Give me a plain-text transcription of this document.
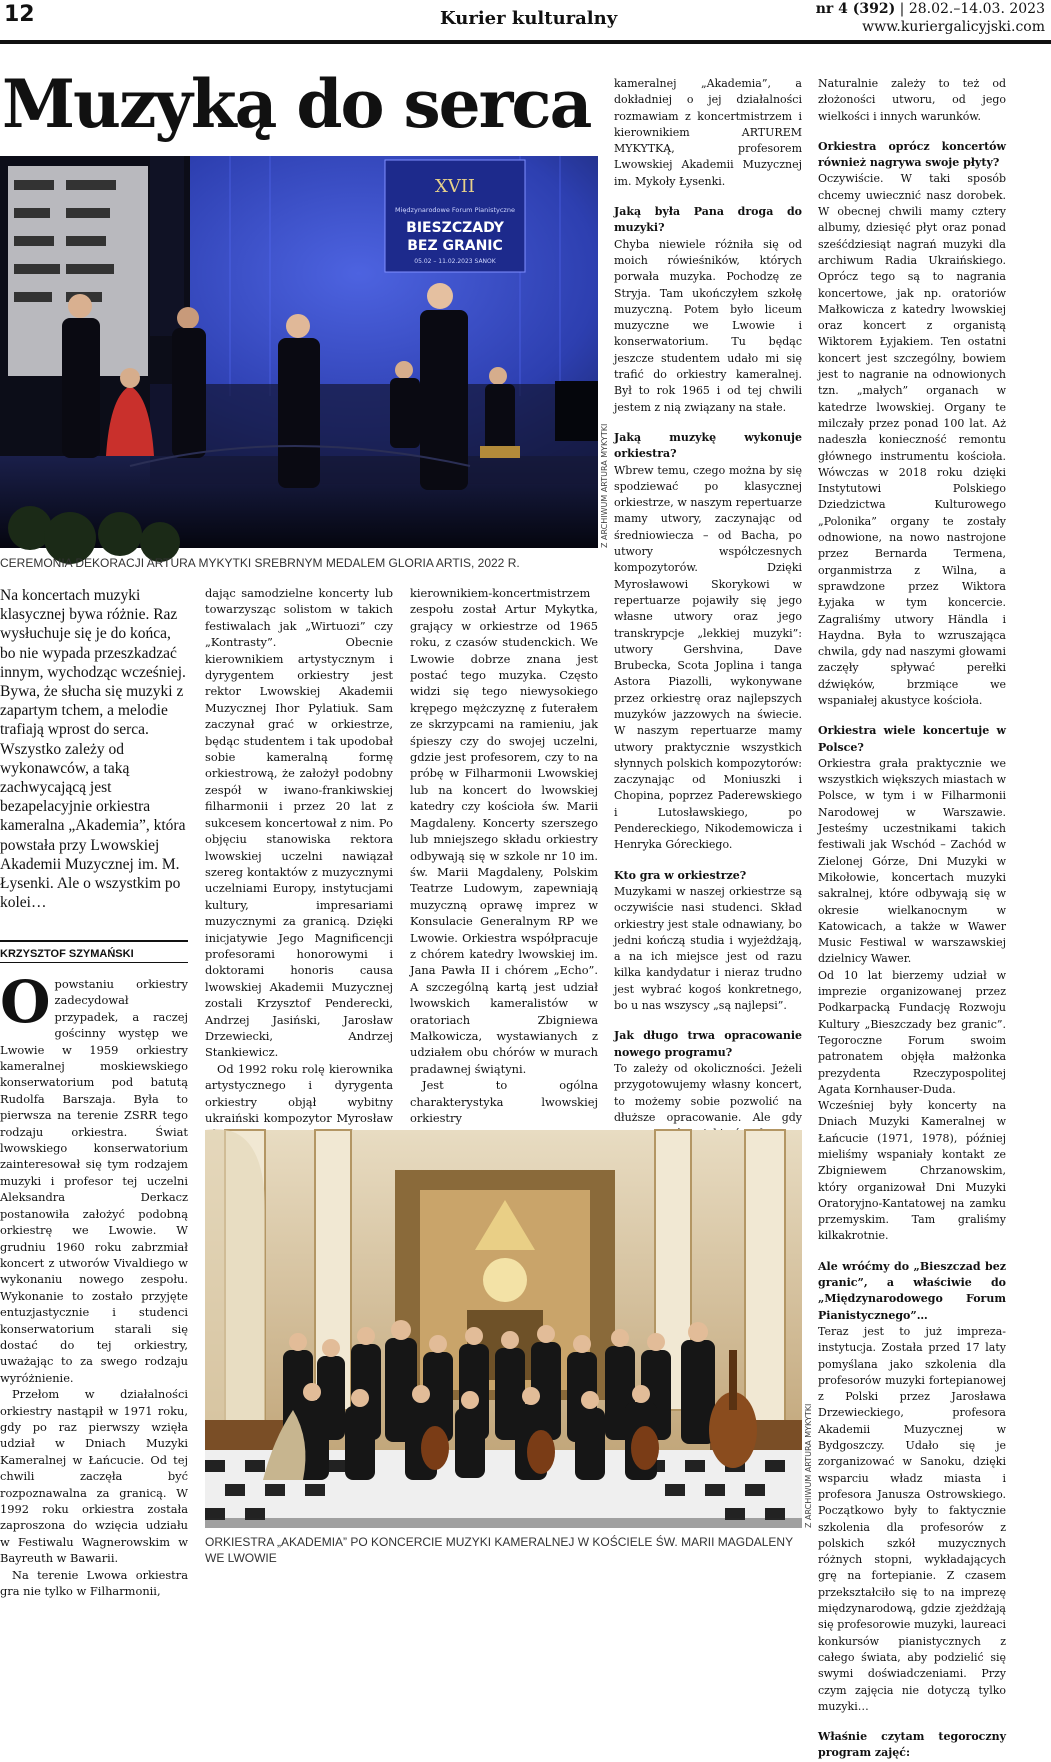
12	Kurier kulturalny	nr 4 (392) | 28.02.–14.03. 2023
www.kuriergalicyjski.com
Muzyką do serca
XVII
Międzynarodowe Forum Pianistyczne
BIESZCZADY
BEZ GRANIC
05.02 – 11.02.2023 SANOK
Z ARCHIWUM ARTURA MYKYTKI
CEREMONIA DEKORACJI ARTURA MYKYTKI SREBRNYM MEDALEM GLORIA ARTIS, 2022 R.
Na koncertach muzyki klasycznej bywa różnie. Raz wysłuchuje się je do końca, bo nie wypada przeszkadzać innym, wychodząc wcześniej. Bywa, że słucha się muzyki z zapartym tchem, a melodie trafiają wprost do serca. Wszystko zależy od wykonawców, a taką zachwycającą jest bezapelacyjnie orkiestra kameralna „Akademia”, która powstała przy Lwowskiej Akademii Muzycznej im. M. Łysenki. Ale o wszystkim po kolei…
KRZYSZTOF SZYMAŃSKI
O powstaniu orkiestry zadecydował przypadek, a raczej gościnny występ we Lwowie w 1959 orkiestry kameralnej moskiewskiego konserwatorium pod batutą Rudolfa Barszaja. Była to pierwsza na terenie ZSRR tego rodzaju orkiestra. Świat lwowskiego konserwatorium zainteresował się tym rodzajem muzyki i profesor tej uczelni Aleksandra Derkacz postanowiła założyć podobną orkiestrę we Lwowie. W grudniu 1960 roku zabrzmiał koncert z utworów Vivaldiego w wykonaniu nowego zespołu. Wykonanie to zostało przyjęte entuzjastycznie i studenci konserwatorium starali się dostać do tej orkiestry, uważając to za swego rodzaju wyróżnienie.

Przełom w działalności orkiestry nastąpił w 1971 roku, gdy po raz pierwszy wzięła udział w Dniach Muzyki Kameralnej w Łańcucie. Od tej chwili zaczęła być rozpoznawalna za granicą. W 1992 roku orkiestra została zaproszona do wzięcia udziału w Festiwalu Wagnerowskim w Bayreuth w Bawarii.

Na terenie Lwowa orkiestra gra nie tylko w Filharmonii,

dając samodzielne koncerty lub towarzysząc solistom w takich festiwalach jak „Wirtuozi” czy „Kontrasty”. Obecnie kierownikiem artystycznym i dyrygentem orkiestry jest rektor Lwowskiej Akademii Muzycznej Ihor Pylatiuk. Sam zaczynał grać w orkiestrze, będąc studentem i tak upodobał sobie kameralną formę orkiestrową, że założył podobny zespół w iwano-frankiwskiej filharmonii i przez 20 lat z sukcesem koncertował z nim. Po objęciu stanowiska rektora lwowskiej uczelni nawiązał szereg kontaktów z muzycznymi uczelniami Europy, instytucjami kultury, impresariami muzycznymi za granicą. Dzięki inicjatywie Jego Magnificencji profesorami honorowymi i doktorami honoris causa lwowskiej Akademii Muzycznej zostali Krzysztof Penderecki, Andrzej Jasiński, Jarosław Drzewiecki, Andrzej Stankiewicz.

Od 1992 roku rolę kierownika artystycznego i dyrygenta orkiestry objął wybitny ukraiński kompozytor Myrosław

kierownikiem-koncertmistrzem zespołu został Artur Mykytka, grający w orkiestrze od 1965 roku, z czasów studenckich. We Lwowie dobrze znana jest postać tego muzyka. Często widzi się tego niewysokiego krępego mężczyznę z futerałem ze skrzypcami na ramieniu, jak śpieszy czy do swojej uczelni, gdzie jest profesorem, czy to na próbę w Filharmonii Lwowskiej lub na koncert do lwowskiej katedry czy kościoła św. Marii Magdaleny. Koncerty szerszego lub mniejszego składu orkiestry odbywają się w szkole nr 10 im. św. Marii Magdaleny, Polskim Teatrze Ludowym, zapewniają muzyczną oprawę imprez w Konsulacie Generalnym RP we Lwowie. Orkiestra współpracuje z chórem katedry lwowskiej im. Jana Pawła II i chórem „Echo”. A szczególną kartą jest udział lwowskich kameralistów w oratoriach Zbigniewa Małkowicza, wystawianych z udziałem obu chórów w murach pradawnej świątyni.

Jest to ogólna charakterystyka lwowskiej orkiestry

kameralnej „Akademia”, a dokładniej o jej działalności rozmawiam z koncertmistrzem i kierownikiem ARTUREM MYKYTKĄ, profesorem Lwowskiej Akademii Muzycznej im. Mykoły Łysenki.

Jaką była Pana droga do muzyki?

Chyba niewiele różniła się od moich rówieśników, których porwała muzyka. Pochodzę ze Stryja. Tam ukończyłem szkołę muzyczną. Potem było liceum muzyczne we Lwowie i konserwatorium. Tu będąc jeszcze studentem udało mi się trafić do orkiestry kameralnej. Był to rok 1965 i od tej chwili jestem z nią związany na stałe.

Jaką muzykę wykonuje orkiestra?

Wbrew temu, czego można by się spodziewać po klasycznej orkiestrze, w naszym repertuarze mamy utwory, zaczynając od średniowiecza – od Bacha, po utwory współczesnych kompozytorów. Dzięki Myrosławowi Skorykowi w repertuarze pojawiły się jego własne utwory oraz jego transkrypcje „lekkiej muzyki”: utwory Gershvina, Dave Brubecka, Scota Joplina i tanga Astora Piazolli, wykonywane przez orkiestrę oraz najlepszych muzyków jazzowych na świecie. W naszym repertuarze mamy utwory praktycznie wszystkich słynnych polskich kompozytorów: zaczynając od Moniuszki i Chopina, poprzez Paderewskiego i Lutosławskiego, po Pendereckiego, Nikodemowicza i Henryka Góreckiego.

Kto gra w orkiestrze?

Muzykami w naszej orkiestrze są oczywiście nasi studenci. Skład orkiestry jest stale odnawiany, bo jedni kończą studia i wyjeżdżają, a na ich miejsce jest od razu kilka kandydatur i nieraz trudno jest wybrać kogoś konkretnego, bo u nas wszyscy „są najlepsi”.

Jak długo trwa opracowanie nowego programu?

To zależy od okoliczności. Jeżeli przygotowujemy własny koncert, to możemy sobie pozwolić na dłuższe opracowanie. Ale gdy

Naturalnie zależy to też od złożoności utworu, od jego wielkości i innych warunków.

Orkiestra oprócz koncertów również nagrywa swoje płyty?

Oczywiście. W taki sposób chcemy uwiecznić nasz dorobek. W obecnej chwili mamy cztery albumy, dziesięć płyt oraz ponad sześćdziesiąt nagrań muzyki dla archiwum Radia Ukraińskiego. Oprócz tego są to nagrania koncertowe, jak np. oratoriów Małkowicza z katedry lwowskiej oraz koncert z organistą Wiktorem Łyjakiem. Ten ostatni koncert jest szczególny, bowiem jest to nagranie na odnowionych tzn. „małych” organach w katedrze lwowskiej. Organy te milczały przez ponad 100 lat. Aż nadeszła konieczność remontu głównego instrumentu kościoła. Wówczas w 2018 roku dzięki Instytutowi Polskiego Dziedzictwa Kulturowego „Polonika” organy te zostały odnowione, na nowo nastrojone przez Bernarda Termena, organmistrza z Wilna, a sprawdzone przez Wiktora Łyjaka w tym koncercie. Zagraliśmy utwory Händla i Haydna. Była to wzruszająca chwila, gdy nad naszymi głowami zaczęły spływać perełki dźwięków, brzmiące we wspaniałej akustyce kościoła.

Orkiestra wiele koncertuje w Polsce?

Orkiestra grała praktycznie we wszystkich większych miastach w Polsce, w tym i w Filharmonii Narodowej w Warszawie. Jesteśmy uczestnikami takich festiwali jak Wschód – Zachód w Zielonej Górze, Dni Muzyki w Mikołowie, koncertach muzyki sakralnej, które odbywają się w okresie wielkanocnym w Katowicach, a także w Wawer Music Festiwal w warszawskiej dzielnicy Wawer.

Od 10 lat bierzemy udział w imprezie organizowanej przez Podkarpacką Fundację Rozwoju Kultury „Bieszczady bez granic”. Tegoroczne Forum swoim patronatem objęła małżonka prezydenta Rzeczypospolitej Agata Kornhauser-Duda.

Wcześniej były koncerty na Dniach Muzyki Kameralnej w Łańcucie (1971, 1978), później mieliśmy wspaniały kontakt ze Zbigniewem Chrzanowskim, który organizował Dni Muzyki Oratoryjno-Kantatowej na zamku przemyskim. Tam graliśmy kilkakrotnie.

Ale wróćmy do „Bieszczad bez granic”, a właściwie do „Międzynarodowego Forum Pianistycznego”…

Teraz jest to już impreza-instytucja. Została przed 17 laty pomyślana jako szkolenia dla profesorów muzyki fortepianowej z Polski przez Jarosława Drzewieckiego, profesora Akademii Muzycznej w Bydgoszczy. Udało się je zorganizować w Sanoku, dzięki wsparciu władz miasta i profesora Janusza Ostrowskiego. Początkowo były to faktycznie szkolenia dla profesorów z polskich szkół muzycznych różnych stopni, wykładających grę na fortepianie. Z czasem przekształciło się to na imprezę międzynarodową, gdzie zjeżdżają się profesorowie muzyki, laureaci konkursów pianistycznych z całego świata, aby podzielić się swymi doświadczeniami. Przy czym zajęcia nie dotyczą tylko muzyki…

Właśnie czytam tegoroczny program zajęć:

Z ARCHIWUM ARTURA MYKYTKI
ORKIESTRA „AKADEMIA” PO KONCERCIE MUZYKI KAMERALNEJ W KOŚCIELE ŚW. MARII MAGDALENY WE LWOWIE
